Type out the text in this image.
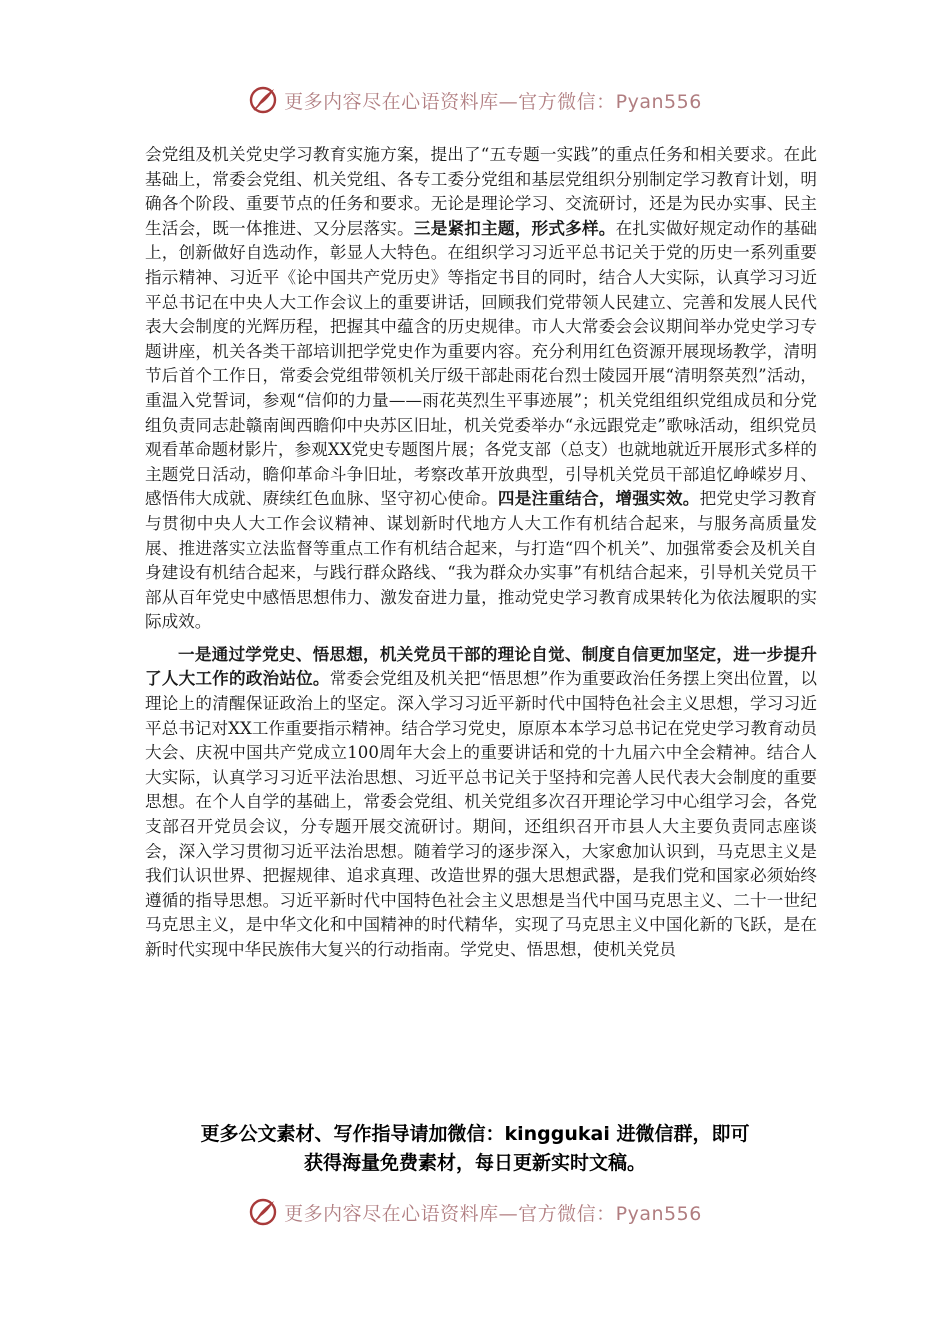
更多内容尽在心语资料库—官方微信：Pyan556

会党组及机关党史学习教育实施方案，提出了“五专题一实践”的重点任务和相关要求。在此基础上，常委会党组、机关党组、各专工委分党组和基层党组织分别制定学习教育计划，明确各个阶段、重要节点的任务和要求。无论是理论学习、交流研讨，还是为民办实事、民主生活会，既一体推进、又分层落实。三是紧扣主题，形式多样。在扎实做好规定动作的基础上，创新做好自选动作，彰显人大特色。在组织学习习近平总书记关于党的历史一系列重要指示精神、习近平《论中国共产党历史》等指定书目的同时，结合人大实际，认真学习习近平总书记在中央人大工作会议上的重要讲话，回顾我们党带领人民建立、完善和发展人民代表大会制度的光辉历程，把握其中蕴含的历史规律。市人大常委会会议期间举办党史学习专题讲座，机关各类干部培训把学党史作为重要内容。充分利用红色资源开展现场教学，清明节后首个工作日，常委会党组带领机关厅级干部赴雨花台烈士陵园开展“清明祭英烈”活动，重温入党誓词，参观“信仰的力量——雨花英烈生平事迹展”；机关党组组织党组成员和分党组负责同志赴赣南闽西瞻仰中央苏区旧址，机关党委举办“永远跟党走”歌咏活动，组织党员观看革命题材影片，参观XX党史专题图片展；各党支部（总支）也就地就近开展形式多样的主题党日活动，瞻仰革命斗争旧址，考察改革开放典型，引导机关党员干部追忆峥嵘岁月、感悟伟大成就、赓续红色血脉、坚守初心使命。四是注重结合，增强实效。把党史学习教育与贯彻中央人大工作会议精神、谋划新时代地方人大工作有机结合起来，与服务高质量发展、推进落实立法监督等重点工作有机结合起来，与打造“四个机关”、加强常委会及机关自身建设有机结合起来，与践行群众路线、“我为群众办实事”有机结合起来，引导机关党员干部从百年党史中感悟思想伟力、激发奋进力量，推动党史学习教育成果转化为依法履职的实际成效。

一是通过学党史、悟思想，机关党员干部的理论自觉、制度自信更加坚定，进一步提升了人大工作的政治站位。常委会党组及机关把“悟思想”作为重要政治任务摆上突出位置，以理论上的清醒保证政治上的坚定。深入学习习近平新时代中国特色社会主义思想，学习习近平总书记对XX工作重要指示精神。结合学习党史，原原本本学习总书记在党史学习教育动员大会、庆祝中国共产党成立100周年大会上的重要讲话和党的十九届六中全会精神。结合人大实际，认真学习习近平法治思想、习近平总书记关于坚持和完善人民代表大会制度的重要思想。在个人自学的基础上，常委会党组、机关党组多次召开理论学习中心组学习会，各党支部召开党员会议，分专题开展交流研讨。期间，还组织召开市县人大主要负责同志座谈会，深入学习贯彻习近平法治思想。随着学习的逐步深入，大家愈加认识到，马克思主义是我们认识世界、把握规律、追求真理、改造世界的强大思想武器，是我们党和国家必须始终遵循的指导思想。习近平新时代中国特色社会主义思想是当代中国马克思主义、二十一世纪马克思主义，是中华文化和中国精神的时代精华，实现了马克思主义中国化新的飞跃，是在新时代实现中华民族伟大复兴的行动指南。学党史、悟思想，使机关党员

更多公文素材、写作指导请加微信：kinggukai 进微信群，即可
获得海量免费素材，每日更新实时文稿。
更多内容尽在心语资料库—官方微信：Pyan556
